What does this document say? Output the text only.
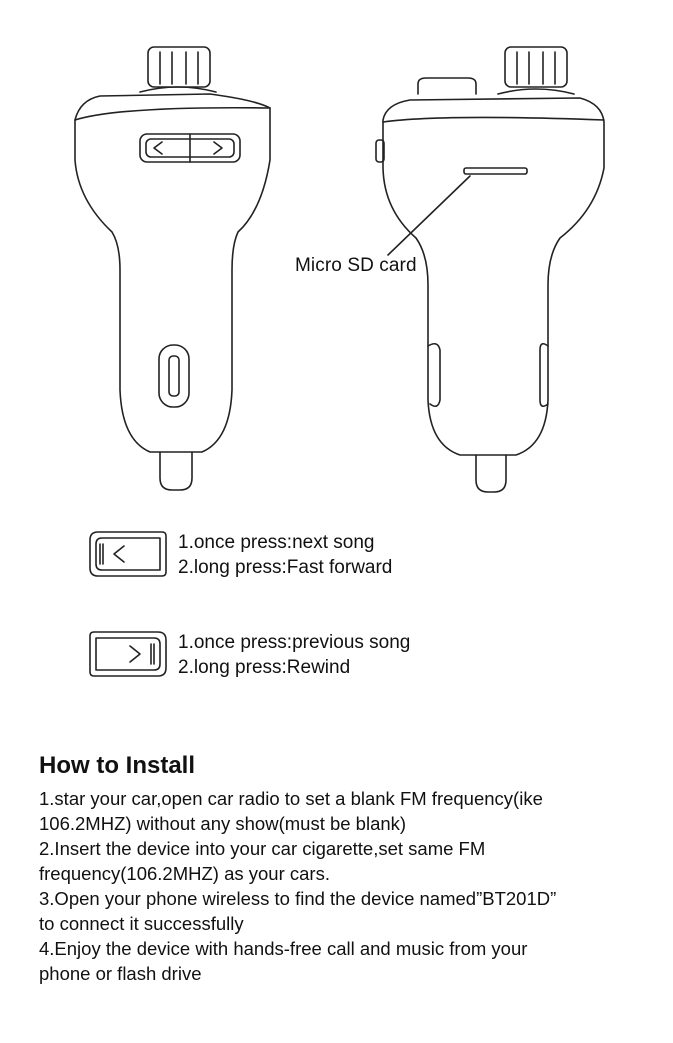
Micro SD card
1.once press:next song
2.long press:Fast forward
1.once press:previous song
2.long press:Rewind
How to Install
1.star your car,open car radio to set a blank FM frequency(ike
106.2MHZ) without any show(must be blank)
2.Insert the device into your car cigarette,set same FM
frequency(106.2MHZ) as your cars.
3.Open your phone wireless to find the device named”BT201D”
to connect it successfully
4.Enjoy the device with hands-free call and music from your
phone or flash drive
